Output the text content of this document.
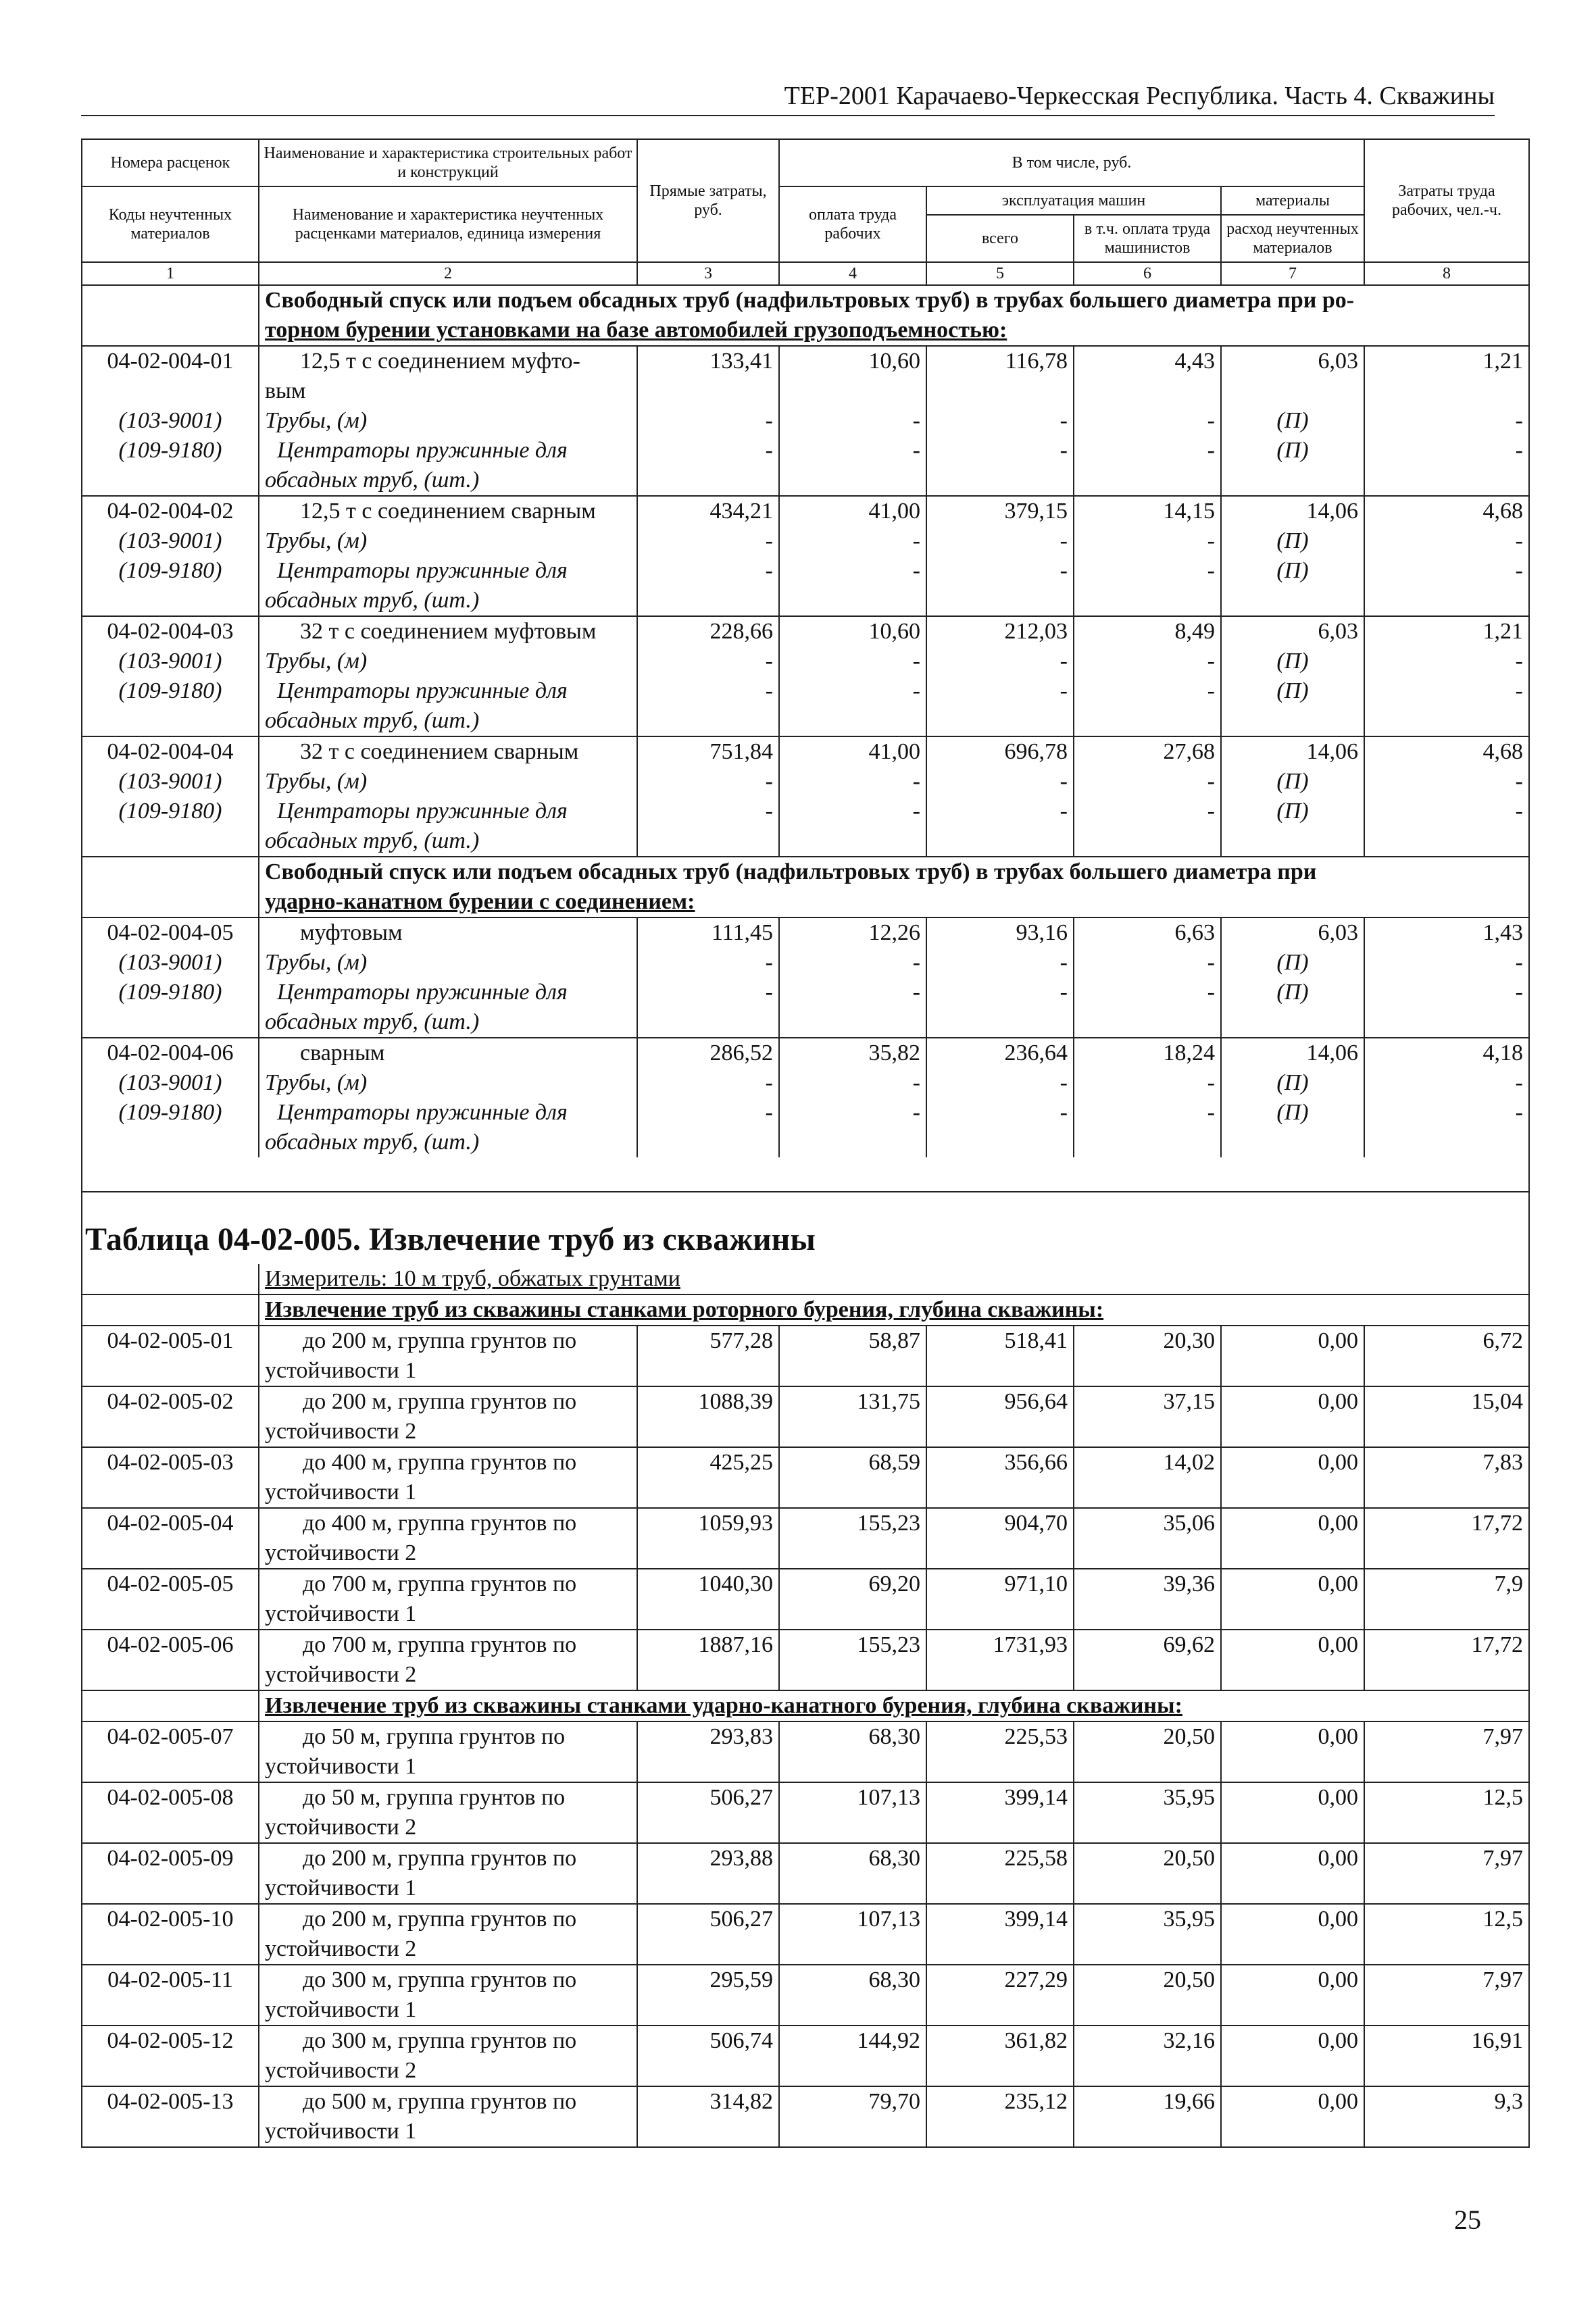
ТЕР-2001 Карачаево-Черкесская Республика. Часть 4. Скважины
Номера расценок	Наименование и характеристика строительных работ и конструкций	Прямые затраты, руб.	В том числе, руб.				Затраты труда рабочих, чел.-ч.
Коды неучтенных материалов	Наименование и характеристика неучтенных расценками материалов, единица измерения		оплата труда рабочих	эксплуатация машин		материалы	
				всего	в т.ч. оплата труда машинистов	расход неучтенных материалов	
1	2	3	4	5	6	7	8

	Свободный спуск или подъем обсадных труб (надфильтровых труб) в трубах большего диаметра при ро-
торном бурении установками на базе автомобилей грузоподъемностью:						

04-02-004-01	12,5 т с соединением муфто-
вым	133,41	10,60	116,78	4,43	6,03	1,21
(103-9001)	Трубы, (м)	-	-	-	-	(П)	-
(109-9180)	Центраторы пружинные для
обсадных труб, (шт.)	-	-	-	-	(П)	-
04-02-004-02	12,5 т с соединением сварным	434,21	41,00	379,15	14,15	14,06	4,68
(103-9001)	Трубы, (м)	-	-	-	-	(П)	-
(109-9180)	Центраторы пружинные для
обсадных труб, (шт.)	-	-	-	-	(П)	-
04-02-004-03	32 т с соединением муфтовым	228,66	10,60	212,03	8,49	6,03	1,21
(103-9001)	Трубы, (м)	-	-	-	-	(П)	-
(109-9180)	Центраторы пружинные для
обсадных труб, (шт.)	-	-	-	-	(П)	-
04-02-004-04	32 т с соединением сварным	751,84	41,00	696,78	27,68	14,06	4,68
(103-9001)	Трубы, (м)	-	-	-	-	(П)	-
(109-9180)	Центраторы пружинные для
обсадных труб, (шт.)	-	-	-	-	(П)	-

	Свободный спуск или подъем обсадных труб (надфильтровых труб) в трубах большего диаметра при
ударно-канатном бурении с соединением:						

04-02-004-05	муфтовым	111,45	12,26	93,16	6,63	6,03	1,43
(103-9001)	Трубы, (м)	-	-	-	-	(П)	-
(109-9180)	Центраторы пружинные для
обсадных труб, (шт.)	-	-	-	-	(П)	-
04-02-004-06	сварным	286,52	35,82	236,64	18,24	14,06	4,18
(103-9001)	Трубы, (м)	-	-	-	-	(П)	-
(109-9180)	Центраторы пружинные для
обсадных труб, (шт.)	-	-	-	-	(П)	-

Таблица 04-02-005. Извлечение труб из скважины							
	Измеритель: 10 м труб, обжатых грунтами						
	Извлечение труб из скважины станками роторного бурения, глубина скважины:						
04-02-005-01	до 200 м, группа грунтов по
устойчивости 1	577,28	58,87	518,41	20,30	0,00	6,72
04-02-005-02	до 200 м, группа грунтов по
устойчивости 2	1088,39	131,75	956,64	37,15	0,00	15,04
04-02-005-03	до 400 м, группа грунтов по
устойчивости 1	425,25	68,59	356,66	14,02	0,00	7,83
04-02-005-04	до 400 м, группа грунтов по
устойчивости 2	1059,93	155,23	904,70	35,06	0,00	17,72
04-02-005-05	до 700 м, группа грунтов по
устойчивости 1	1040,30	69,20	971,10	39,36	0,00	7,9
04-02-005-06	до 700 м, группа грунтов по
устойчивости 2	1887,16	155,23	1731,93	69,62	0,00	17,72
	Извлечение труб из скважины станками ударно-канатного бурения, глубина скважины:						
04-02-005-07	до 50 м, группа грунтов по
устойчивости 1	293,83	68,30	225,53	20,50	0,00	7,97
04-02-005-08	до 50 м, группа грунтов по
устойчивости 2	506,27	107,13	399,14	35,95	0,00	12,5
04-02-005-09	до 200 м, группа грунтов по
устойчивости 1	293,88	68,30	225,58	20,50	0,00	7,97
04-02-005-10	до 200 м, группа грунтов по
устойчивости 2	506,27	107,13	399,14	35,95	0,00	12,5
04-02-005-11	до 300 м, группа грунтов по
устойчивости 1	295,59	68,30	227,29	20,50	0,00	7,97
04-02-005-12	до 300 м, группа грунтов по
устойчивости 2	506,74	144,92	361,82	32,16	0,00	16,91
04-02-005-13	до 500 м, группа грунтов по
устойчивости 1	314,82	79,70	235,12	19,66	0,00	9,3
25
